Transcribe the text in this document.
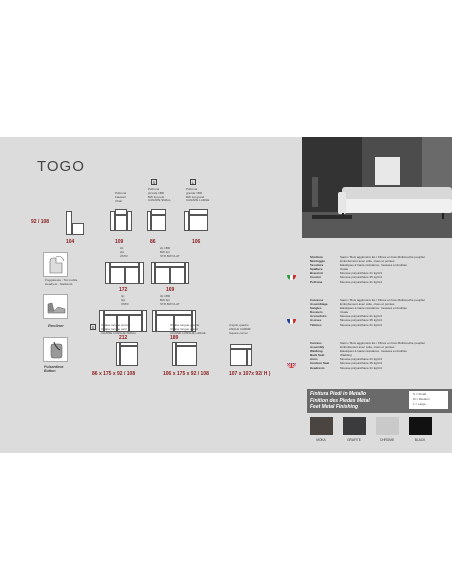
TOGO
92 / 108
104
Poltrona
Fauteuil
Chair
109
S
Poltrona
piccola 1BR
BW 1pl petit
CANAPE SMALL
86
L
Poltrona
grande 1BR
BW 1pl grand
CANAPE LARGE
106
2p
2pl
2STR
172
2p 1BR
BW 2pl
STR BW FLAT
169
3p
3pl
3STR
212
3p 1BR
BW 3pl
STR BW FLAT
189
Poggiatesta - Têt mobile
Headrest - Nackenst.
Recliner
Pulsantiera
Button
S	Chaise longue piccola
Chaise longue petit
CHAISE LONGUE SMALL
86 x 175 x 92 / 108
Chaise longue grande
Chaise longue grand
CHAISE LONGUE LARGE
106 x 175 x 92 / 108
Angolo quadro
ANGLE CARRE'
Square corner
107 x 107x 92/ H )
Struttura	Sapin / Bois aggloméré EL / Fibres en bois Multicouche peuplier
Montaggio	Emboîtement avec colle, clous et pointes
Tessitura	Elastiques à haute résistance, tressées et doubles
Spalliere	Ouate
Braccioli	Mousse polyuréthane 21 kg/m3
Cuscini	Mousse polyuréthane 35 kg/m3
Poltrona	Mousse polyuréthane 21 kg/m3
Carcasse	Sapin / Bois aggloméré EL / Fibres en bois Multicouche peuplier
Assemblage	Emboîtement avec colle, clous et pointes
Sangles	Elastiques à haute résistance, tressées et doubles
Dossiers	Ouate
Accoudoirs	Mousse polyuréthane 21 kg/m3
Assises	Mousse polyuréthane 35 kg/m3
Têtières	Mousse polyuréthane 21 kg/m3
Carcass	Sapin / Bois aggloméré EL / Fibres en bois Multicouche peuplier
Assembly	Emboîtement avec colle, clous et pointes
Webbing	Elastiques à haute résistance, tressées et doubles
Back Seat	Wadding
Arms	Mousse polyuréthane 21 kg/m3
Cushion Seat	Mousse polyuréthane 35 kg/m3
Headrests	Mousse polyuréthane 21 kg/m3
Finitura Piedi in Metallo
Finition des Piedes Métal
Feet Metal Finishing
S = Small
M = Medium
L = Large
MOKA	GRAFITE	CHROME	BLACK
